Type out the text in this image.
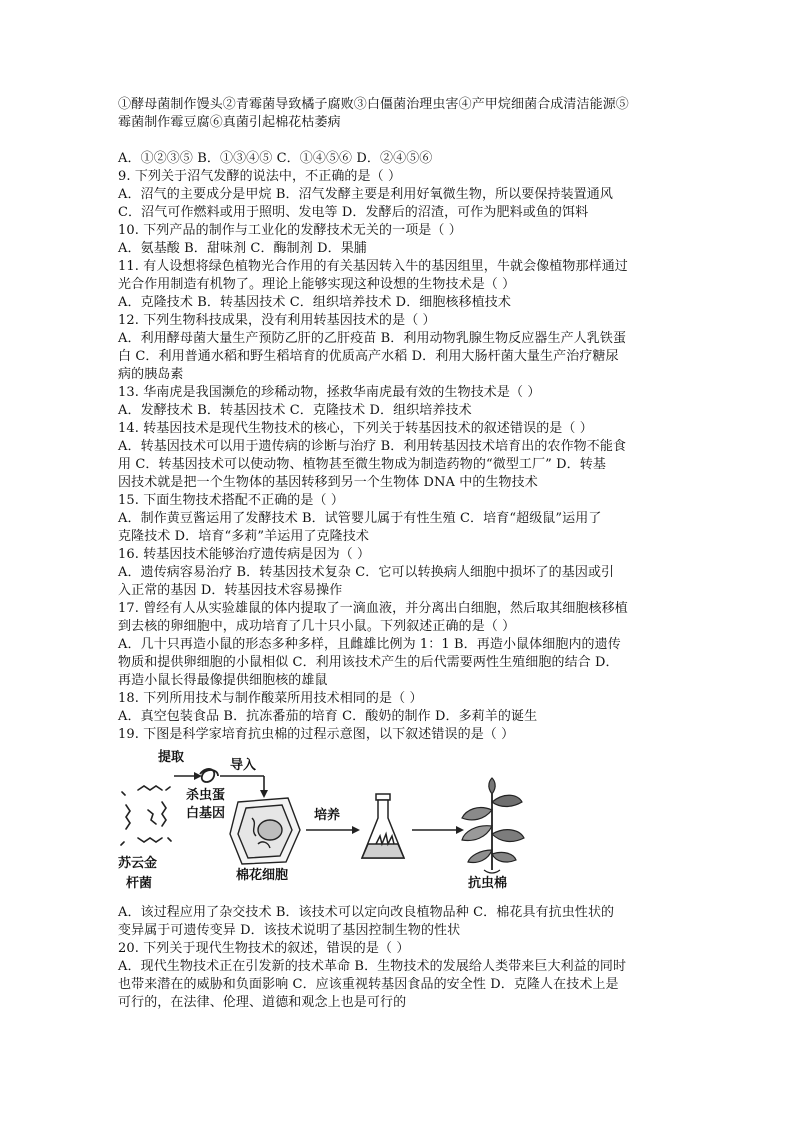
①酵母菌制作馒头②青霉菌导致橘子腐败③白僵菌治理虫害④产甲烷细菌合成清洁能源⑤
霉菌制作霉豆腐⑥真菌引起棉花枯萎病
A．①②③⑤ B．①③④⑤ C．①④⑤⑥ D．②④⑤⑥
9. 下列关于沼气发酵的说法中，不正确的是（ ）
A．沼气的主要成分是甲烷 B．沼气发酵主要是利用好氧微生物，所以要保持装置通风
C．沼气可作燃料或用于照明、发电等 D．发酵后的沼渣，可作为肥料或鱼的饵料
10. 下列产品的制作与工业化的发酵技术无关的一项是（ ）
A．氨基酸 B．甜味剂 C．酶制剂 D．果脯
11. 有人设想将绿色植物光合作用的有关基因转入牛的基因组里，牛就会像植物那样通过
光合作用制造有机物了。理论上能够实现这种设想的生物技术是（ ）
A．克隆技术 B．转基因技术 C．组织培养技术 D．细胞核移植技术
12. 下列生物科技成果，没有利用转基因技术的是（ ）
A．利用酵母菌大量生产预防乙肝的乙肝疫苗 B．利用动物乳腺生物反应器生产人乳铁蛋
白 C．利用普通水稻和野生稻培育的优质高产水稻 D．利用大肠杆菌大量生产治疗糖尿
病的胰岛素
13. 华南虎是我国濒危的珍稀动物，拯救华南虎最有效的生物技术是（ ）
A．发酵技术 B．转基因技术 C．克隆技术 D．组织培养技术
14. 转基因技术是现代生物技术的核心，下列关于转基因技术的叙述错误的是（ ）
A．转基因技术可以用于遗传病的诊断与治疗 B．利用转基因技术培育出的农作物不能食
用 C．转基因技术可以使动物、植物甚至微生物成为制造药物的“微型工厂” D．转基
因技术就是把一个生物体的基因转移到另一个生物体 DNA 中的生物技术
15. 下面生物技术搭配不正确的是（ ）
A．制作黄豆酱运用了发酵技术 B．试管婴儿属于有性生殖 C．培育“超级鼠”运用了
克隆技术 D．培育“多莉”羊运用了克隆技术
16. 转基因技术能够治疗遗传病是因为（ ）
A．遗传病容易治疗 B．转基因技术复杂 C．它可以转换病人细胞中损坏了的基因或引
入正常的基因 D．转基因技术容易操作
17. 曾经有人从实验雄鼠的体内提取了一滴血液，并分离出白细胞，然后取其细胞核移植
到去核的卵细胞中，成功培育了几十只小鼠。下列叙述正确的是（ ）
A．几十只再造小鼠的形态多种多样，且雌雄比例为 1：1 B．再造小鼠体细胞内的遗传
物质和提供卵细胞的小鼠相似 C．利用该技术产生的后代需要两性生殖细胞的结合 D．
再造小鼠长得最像提供细胞核的雄鼠
18. 下列所用技术与制作酸菜所用技术相同的是（ ）
A．真空包装食品 B．抗冻番茄的培育 C．酸奶的制作 D．多莉羊的诞生
19. 下图是科学家培育抗虫棉的过程示意图，以下叙述错误的是（ ）
提取
导入
杀虫蛋
白基因	培养
苏云金
杆菌
棉花细胞
抗虫棉
A．该过程应用了杂交技术 B．该技术可以定向改良植物品种 C．棉花具有抗虫性状的
变异属于可遗传变异 D．该技术说明了基因控制生物的性状
20. 下列关于现代生物技术的叙述，错误的是（ ）
A．现代生物技术正在引发新的技术革命 B．生物技术的发展给人类带来巨大利益的同时
也带来潜在的威胁和负面影响 C．应该重视转基因食品的安全性 D．克隆人在技术上是
可行的，在法律、伦理、道德和观念上也是可行的
